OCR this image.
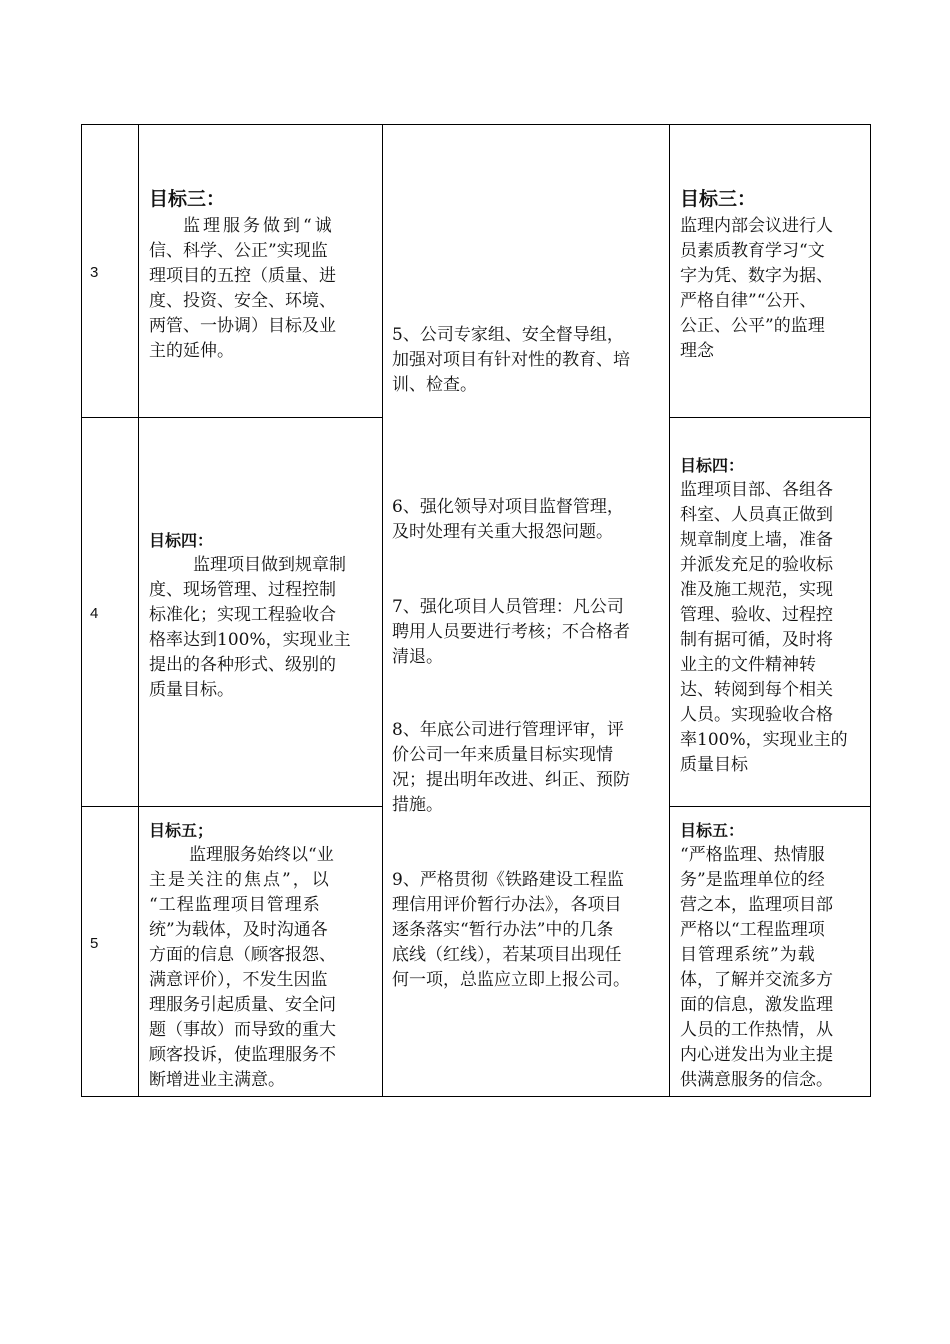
3
4
5
目标三：
监理服务做到“诚
信、科学、公正”实现监
理项目的五控（质量、进
度、投资、安全、环境、
两管、一协调）目标及业
主的延伸。
目标三：
监理内部会议进行人
员素质教育学习“文
字为凭、数字为据、
严格自律”“公开、
公正、公平”的监理
理念
目标四：
监理项目做到规章制
度、现场管理、过程控制
标准化；实现工程验收合
格率达到100%，实现业主
提出的各种形式、级别的
质量目标。
目标四：
监理项目部、各组各
科室、人员真正做到
规章制度上墙，准备
并派发充足的验收标
准及施工规范，实现
管理、验收、过程控
制有据可循，及时将
业主的文件精神转
达、转阅到每个相关
人员。实现验收合格
率100%，实现业主的
质量目标
目标五；
监理服务始终以“业
主是关注的焦点”，以
“工程监理项目管理系
统”为载体，及时沟通各
方面的信息（顾客报怨、
满意评价），不发生因监
理服务引起质量、安全问
题（事故）而导致的重大
顾客投诉，使监理服务不
断增进业主满意。
目标五：
“严格监理、热情服
务”是监理单位的经
营之本，监理项目部
严格以“工程监理项
目管理系统”为载
体，了解并交流多方
面的信息，激发监理
人员的工作热情，从
内心迸发出为业主提
供满意服务的信念。
5、公司专家组、安全督导组，
加强对项目有针对性的教育、培
训、检查。
6、强化领导对项目监督管理，
及时处理有关重大报怨问题。
7、强化项目人员管理：凡公司
聘用人员要进行考核；不合格者
清退。
8、年底公司进行管理评审，评
价公司一年来质量目标实现情
况；提出明年改进、纠正、预防
措施。
9、严格贯彻《铁路建设工程监
理信用评价暂行办法》，各项目
逐条落实“暂行办法”中的几条
底线（红线），若某项目出现任
何一项，总监应立即上报公司。
